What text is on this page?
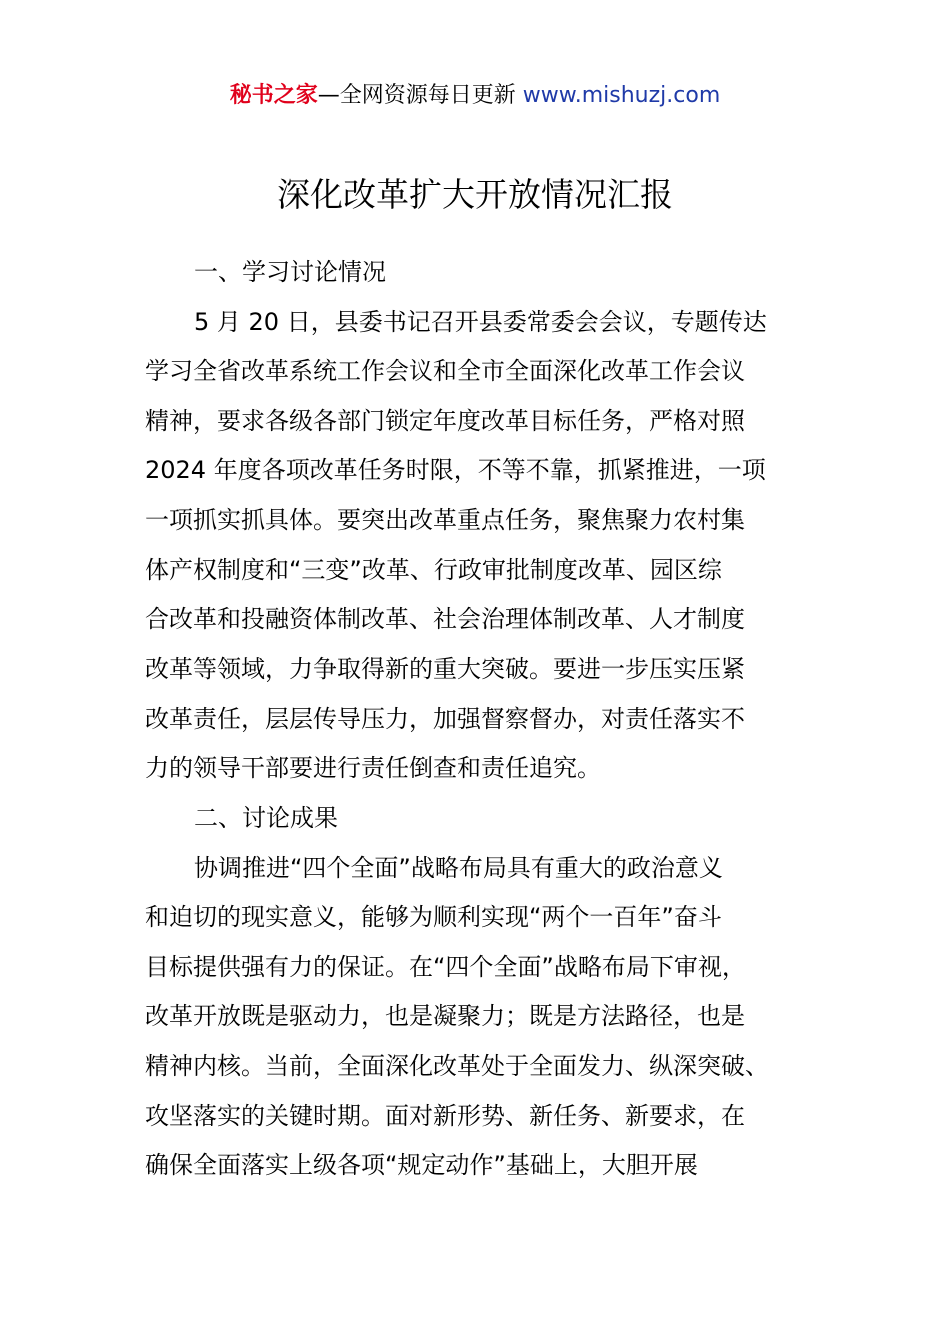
秘书之家—全网资源每日更新 www.mishuzj.com
深化改革扩大开放情况汇报
一、学习讨论情况
5 月 20 日，县委书记召开县委常委会会议，专题传达
学习全省改革系统工作会议和全市全面深化改革工作会议
精神，要求各级各部门锁定年度改革目标任务，严格对照
2024 年度各项改革任务时限，不等不靠，抓紧推进，一项
一项抓实抓具体。要突出改革重点任务，聚焦聚力农村集
体产权制度和“三变”改革、行政审批制度改革、园区综
合改革和投融资体制改革、社会治理体制改革、人才制度
改革等领域，力争取得新的重大突破。要进一步压实压紧
改革责任，层层传导压力，加强督察督办，对责任落实不
力的领导干部要进行责任倒查和责任追究。
二、讨论成果
协调推进“四个全面”战略布局具有重大的政治意义
和迫切的现实意义，能够为顺利实现“两个一百年”奋斗
目标提供强有力的保证。在“四个全面”战略布局下审视，
改革开放既是驱动力，也是凝聚力；既是方法路径，也是
精神内核。当前，全面深化改革处于全面发力、纵深突破、
攻坚落实的关键时期。面对新形势、新任务、新要求，在
确保全面落实上级各项“规定动作”基础上，大胆开展
